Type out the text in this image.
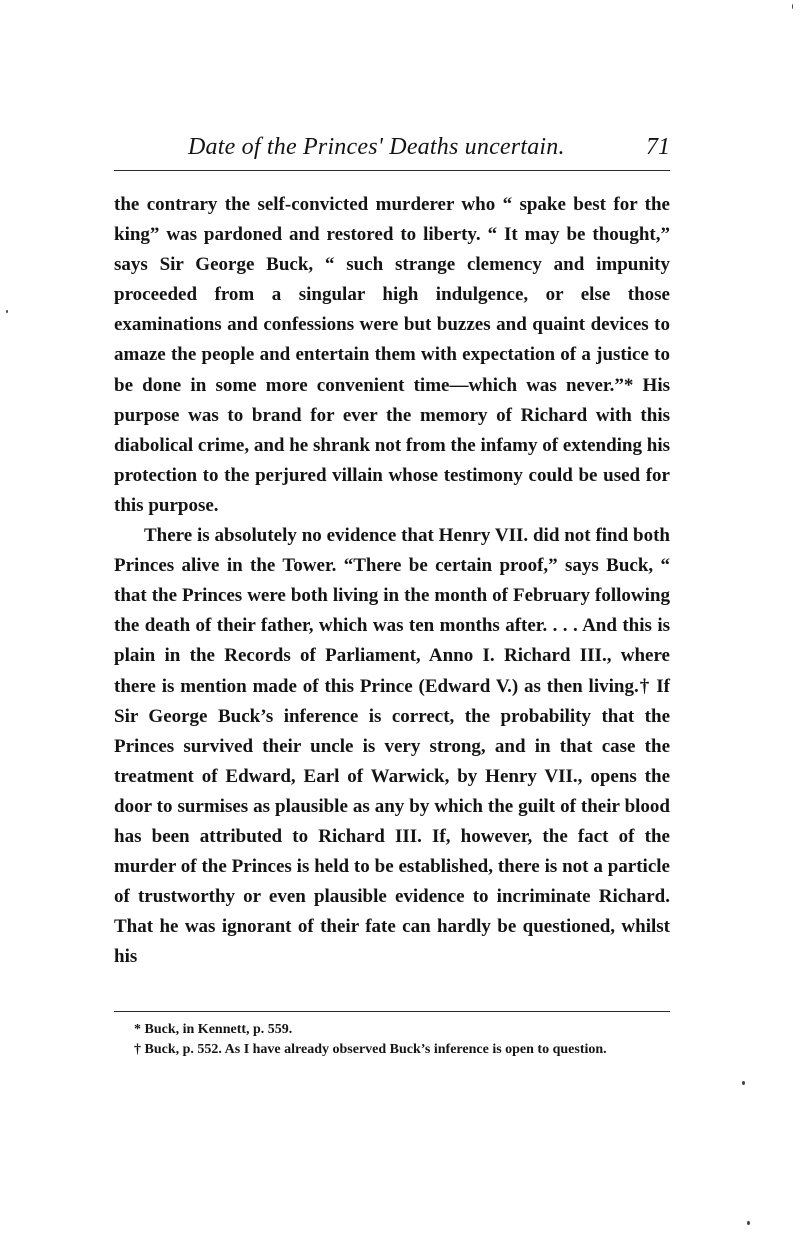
Date of the Princes' Deaths uncertain.	71

the contrary the self-convicted murderer who “ spake best for the king” was pardoned and restored to liberty. “ It may be thought,” says Sir George Buck, “ such strange clemency and impunity proceeded from a singular high indulgence, or else those examinations and confessions were but buzzes and quaint devices to amaze the people and entertain them with expectation of a justice to be done in some more convenient time—which was never.”* His purpose was to brand for ever the memory of Richard with this diabolical crime, and he shrank not from the infamy of extending his protection to the perjured villain whose testimony could be used for this purpose.

There is absolutely no evidence that Henry VII. did not find both Princes alive in the Tower. “There be certain proof,” says Buck, “ that the Princes were both living in the month of February following the death of their father, which was ten months after. . . . And this is plain in the Records of Parliament, Anno I. Richard III., where there is mention made of this Prince (Edward V.) as then living.† If Sir George Buck’s inference is correct, the probability that the Princes survived their uncle is very strong, and in that case the treatment of Edward, Earl of Warwick, by Henry VII., opens the door to surmises as plausible as any by which the guilt of their blood has been attributed to Richard III. If, however, the fact of the murder of the Princes is held to be established, there is not a particle of trustworthy or even plausible evidence to incriminate Richard. That he was ignorant of their fate can hardly be questioned, whilst his

* Buck, in Kennett, p. 559.

† Buck, p. 552. As I have already observed Buck’s inference is open to question.
